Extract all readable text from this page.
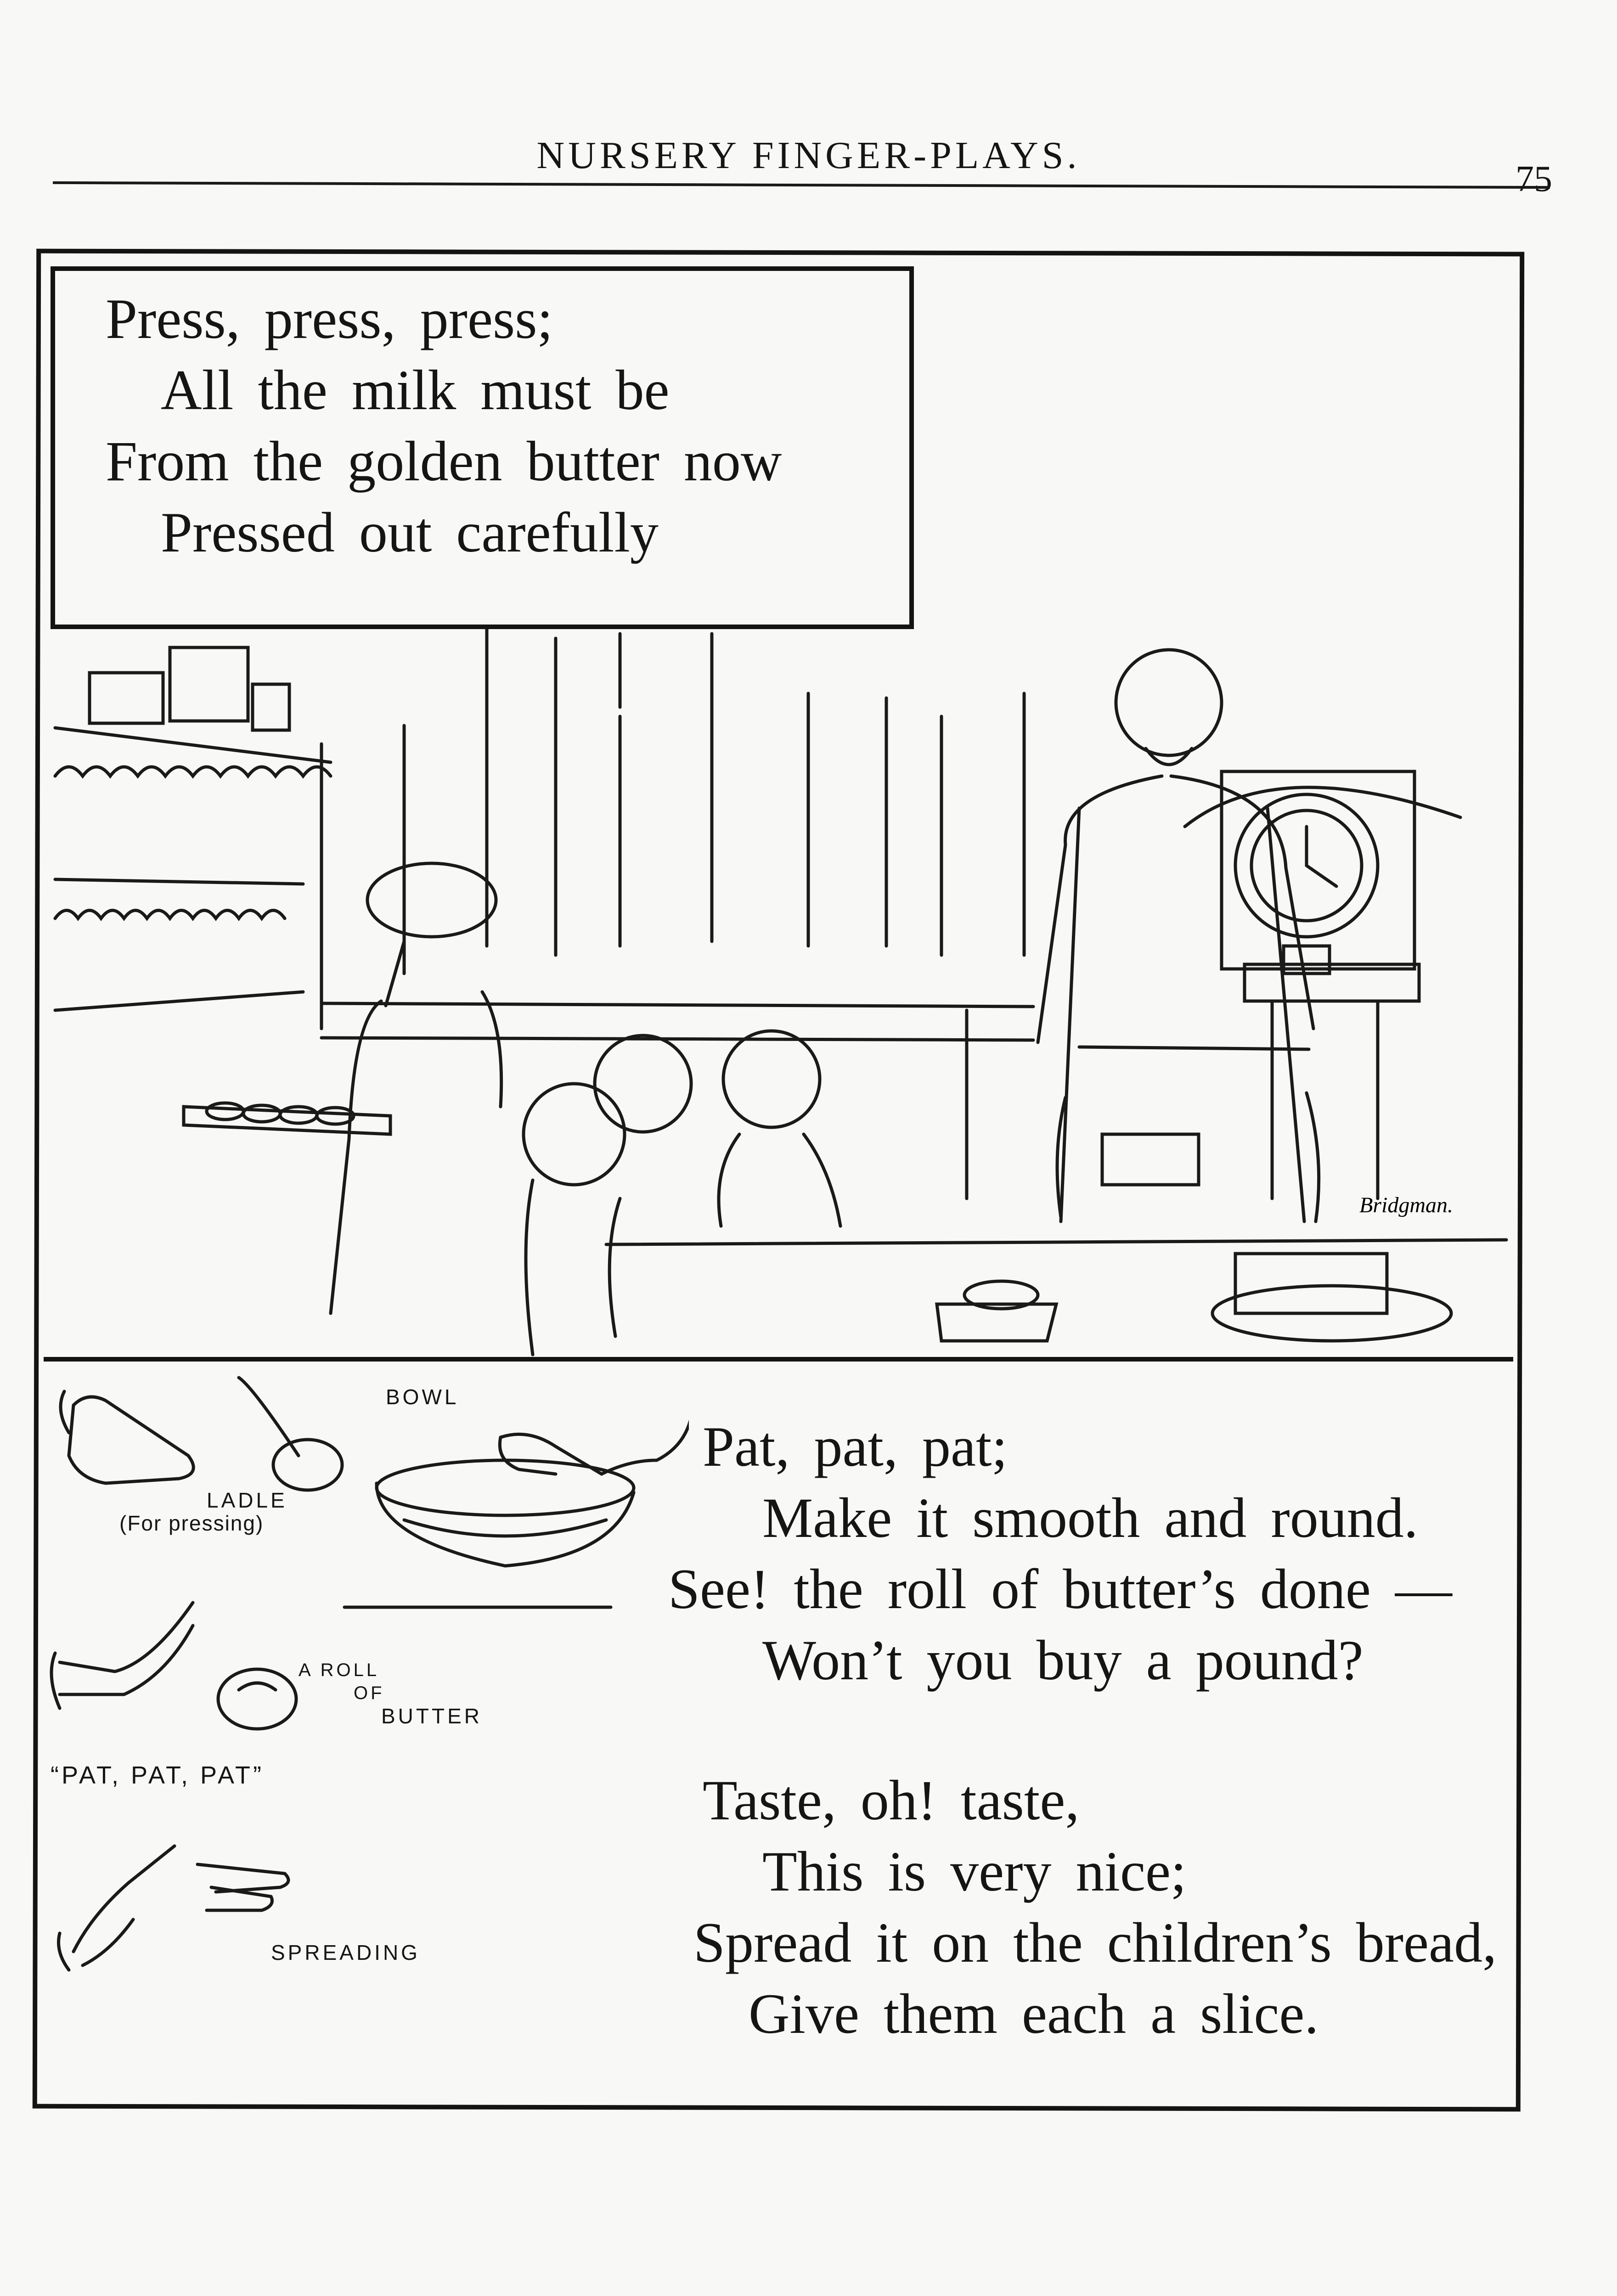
NURSERY FINGER-PLAYS.
75
Bridgman.
Press, press, press;
All the milk must be
From the golden butter now
Pressed out carefully
BOWL
LADLE
(For pressing)
A ROLL
OF
BUTTER
“PAT, PAT, PAT”
SPREADING
Pat, pat, pat;
Make it smooth and round.
See! the roll of butter’s done —
Won’t you buy a pound?
Taste, oh! taste,
This is very nice;
Spread it on the children’s bread,
Give them each a slice.
